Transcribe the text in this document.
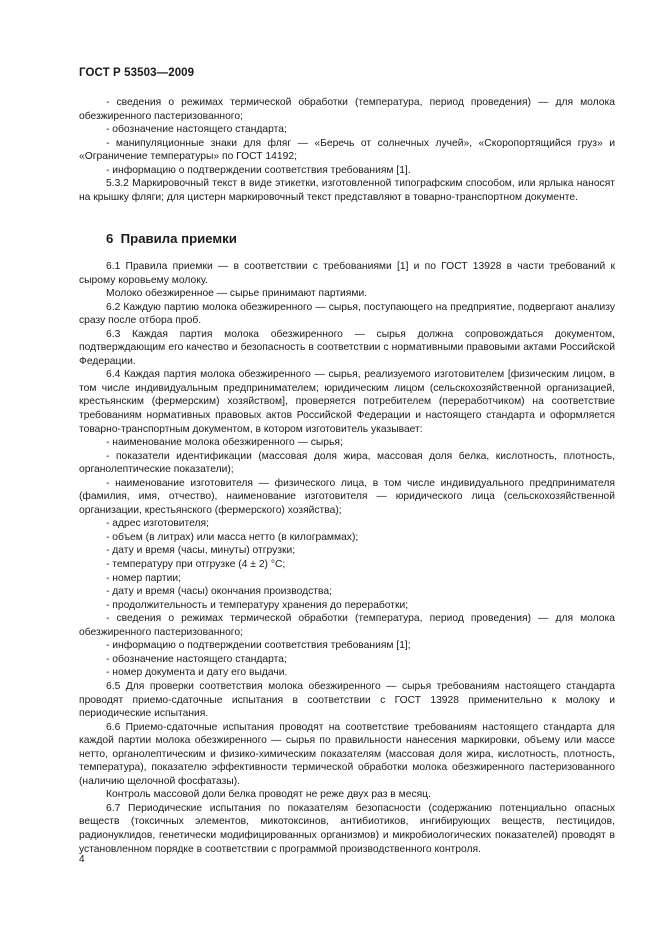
ГОСТ Р 53503—2009

- сведения о режимах термической обработки (температура, период проведения) — для молока обезжиренного пастеризованного;

- обозначение настоящего стандарта;

- манипуляционные знаки для фляг — «Беречь от солнечных лучей», «Скоропортящийся груз» и «Ограничение температуры» по ГОСТ 14192;

- информацию о подтверждении соответствия требованиям [1].

5.3.2 Маркировочный текст в виде этикетки, изготовленной типографским способом, или ярлыка наносят на крышку фляги; для цистерн маркировочный текст представляют в товарно-транспортном документе.

6 Правила приемки

6.1 Правила приемки — в соответствии с требованиями [1] и по ГОСТ 13928 в части требований к сырому коровьему молоку.

Молоко обезжиренное — сырье принимают партиями.

6.2 Каждую партию молока обезжиренного — сырья, поступающего на предприятие, подвергают анализу сразу после отбора проб.

6.3 Каждая партия молока обезжиренного — сырья должна сопровождаться документом, подтверждающим его качество и безопасность в соответствии с нормативными правовыми актами Российской Федерации.

6.4 Каждая партия молока обезжиренного — сырья, реализуемого изготовителем [физическим лицом, в том числе индивидуальным предпринимателем; юридическим лицом (сельскохозяйственной организацией, крестьянским (фермерским) хозяйством], проверяется потребителем (переработчиком) на соответствие требованиям нормативных правовых актов Российской Федерации и настоящего стандарта и оформляется товарно-транспортным документом, в котором изготовитель указывает:

- наименование молока обезжиренного — сырья;

- показатели идентификации (массовая доля жира, массовая доля белка, кислотность, плотность, органолептические показатели);

- наименование изготовителя — физического лица, в том числе индивидуального предпринимателя (фамилия, имя, отчество), наименование изготовителя — юридического лица (сельскохозяйственной организации, крестьянского (фермерского) хозяйства);

- адрес изготовителя;

- объем (в литрах) или масса нетто (в килограммах);

- дату и время (часы, минуты) отгрузки;

- температуру при отгрузке (4 ± 2) °С;

- номер партии;

- дату и время (часы) окончания производства;

- продолжительность и температуру хранения до переработки;

- сведения о режимах термической обработки (температура, период проведения) — для молока обезжиренного пастеризованного;

- информацию о подтверждении соответствия требованиям [1];

- обозначение настоящего стандарта;

- номер документа и дату его выдачи.

6.5 Для проверки соответствия молока обезжиренного — сырья требованиям настоящего стандарта проводят приемо-сдаточные испытания в соответствии с ГОСТ 13928 применительно к молоку и периодические испытания.

6.6 Приемо-сдаточные испытания проводят на соответствие требованиям настоящего стандарта для каждой партии молока обезжиренного — сырья по правильности нанесения маркировки, объему или массе нетто, органолептическим и физико-химическим показателям (массовая доля жира, кислотность, плотность, температура), показателю эффективности термической обработки молока обезжиренного пастеризованного (наличию щелочной фосфатазы).

Контроль массовой доли белка проводят не реже двух раз в месяц.

6.7 Периодические испытания по показателям безопасности (содержанию потенциально опасных веществ (токсичных элементов, микотоксинов, антибиотиков, ингибирующих веществ, пестицидов, радионуклидов, генетически модифицированных организмов) и микробиологических показателей) проводят в установленном порядке в соответствии с программой производственного контроля.

4
